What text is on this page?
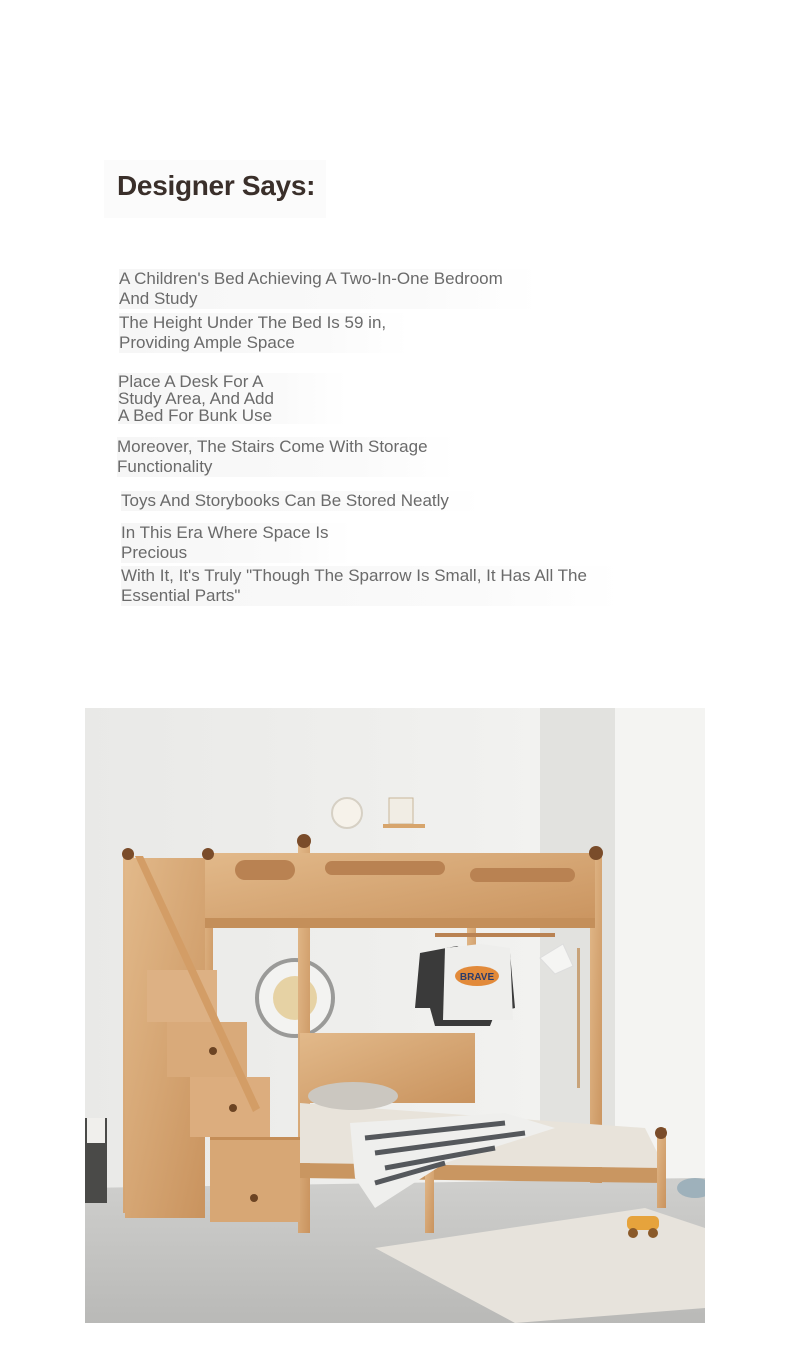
Designer Says:
A Children's Bed Achieving A Two-In-One Bedroom
And Study
The Height Under The Bed Is 59 in,
Providing Ample Space
Place A Desk For A
Study Area, And Add
A Bed For Bunk Use
Moreover, The Stairs Come With Storage
Functionality
Toys And Storybooks Can Be Stored Neatly
In This Era Where Space Is
Precious
With It, It's Truly "Though The Sparrow Is Small, It Has All The
Essential Parts"
BRAVE
